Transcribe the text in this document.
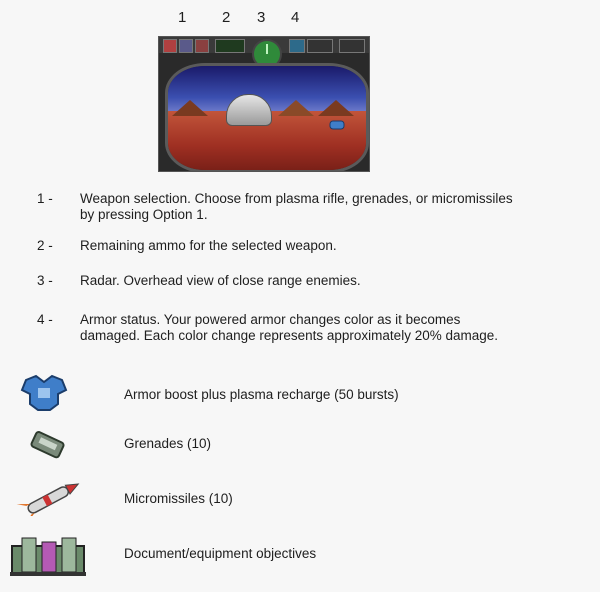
1 2 3 4
1 - Weapon selection. Choose from plasma rifle, grenades, or micromissiles by pressing Option 1.
2 - Remaining ammo for the selected weapon.
3 - Radar. Overhead view of close range enemies.
4 - Armor status. Your powered armor changes color as it becomes damaged. Each color change represents approximately 20% damage.
Armor boost plus plasma recharge (50 bursts)
Grenades (10)
Micromissiles (10)
Document/equipment objectives
